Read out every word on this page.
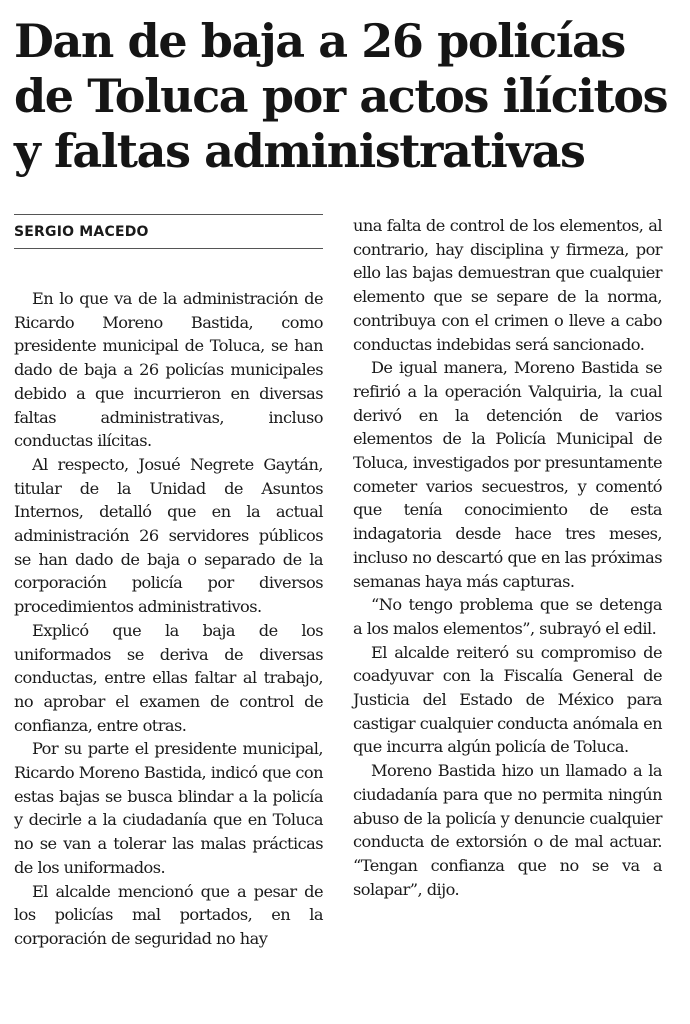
Dan de baja a 26 policías de Toluca por actos ilícitos y faltas administrativas
SERGIO MACEDO

En lo que va de la administración de Ricardo Moreno Bastida, como presidente municipal de Toluca, se han dado de baja a 26 policías municipales debido a que incurrieron en diversas faltas administrativas, incluso conductas ilícitas.

Al respecto, Josué Negrete Gaytán, titular de la Unidad de Asuntos Internos, detalló que en la actual administración 26 servidores públicos se han dado de baja o separado de la corporación policía por diversos procedimientos administrativos.

Explicó que la baja de los uniformados se deriva de diversas conductas, entre ellas faltar al trabajo, no aprobar el examen de control de confianza, entre otras.

Por su parte el presidente municipal, Ricardo Moreno Bastida, indicó que con estas bajas se busca blindar a la policía y decirle a la ciudadanía que en Toluca no se van a tolerar las malas prácticas de los uniformados.

El alcalde mencionó que a pesar de los policías mal portados, en la corporación de seguridad no hay

una falta de control de los elementos, al contrario, hay disciplina y firmeza, por ello las bajas demuestran que cualquier elemento que se separe de la norma, contribuya con el crimen o lleve a cabo conductas indebidas será sancionado.

De igual manera, Moreno Bastida se refirió a la operación Valquiria, la cual derivó en la detención de varios elementos de la Policía Municipal de Toluca, investigados por presuntamente cometer varios secuestros, y comentó que tenía conocimiento de esta indagatoria desde hace tres meses, incluso no descartó que en las próximas semanas haya más capturas.

“No tengo problema que se detenga a los malos elementos”, subrayó el edil.

El alcalde reiteró su compromiso de coadyuvar con la Fiscalía General de Justicia del Estado de México para castigar cualquier conducta anómala en que incurra algún policía de Toluca.

Moreno Bastida hizo un llamado a la ciudadanía para que no permita ningún abuso de la policía y denuncie cualquier conducta de extorsión o de mal actuar. “Tengan confianza que no se va a solapar”, dijo.
